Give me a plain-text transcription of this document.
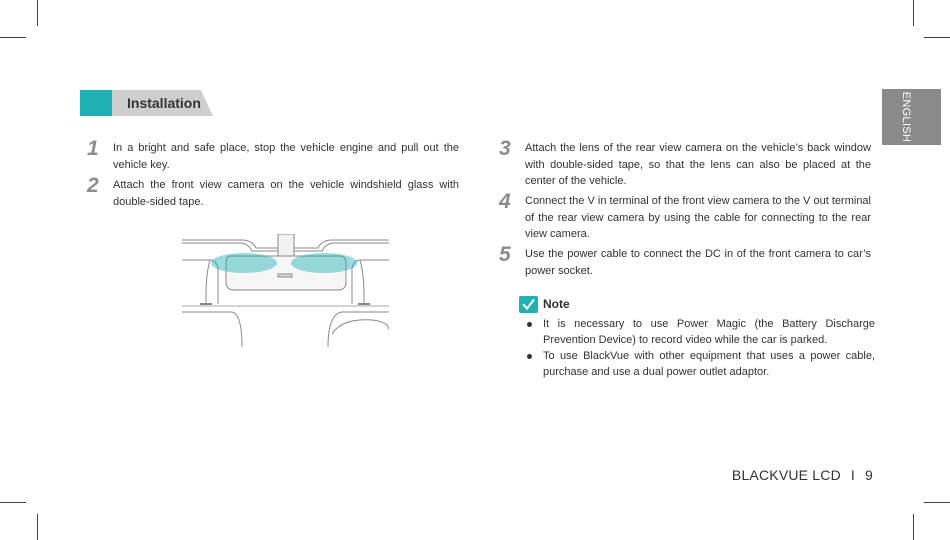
Installation	ENGLISH
1 In a bright and safe place, stop the vehicle engine and pull out the vehicle key.
2 Attach the front view camera on the vehicle windshield glass with double-sided tape.
3 Attach the lens of the rear view camera on the vehicle’s back window with double-sided tape, so that the lens can also be placed at the center of the vehicle.
4 Connect the V in terminal of the front view camera to the V out terminal of the rear view camera by using the cable for connecting to the rear view camera.
5 Use the power cable to connect the DC in of the front camera to car’s power socket.
Note
It is necessary to use Power Magic (the Battery Discharge Prevention Device) to record video while the car is parked.
To use BlackVue with other equipment that uses a power cable, purchase and use a dual power outlet adaptor.
BLACKVUE LCD I 9
